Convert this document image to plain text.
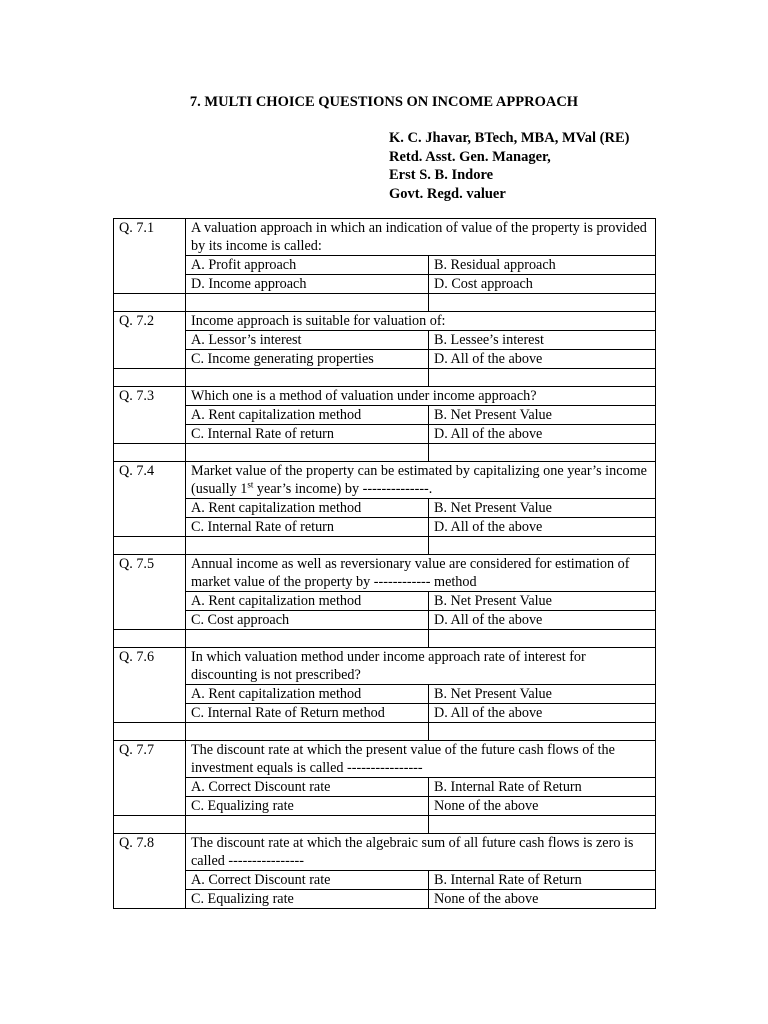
7. MULTI CHOICE QUESTIONS ON INCOME APPROACH
K. C. Jhavar, BTech, MBA, MVal (RE)
Retd. Asst. Gen. Manager,
Erst S. B. Indore
Govt. Regd. valuer
Q. 7.1	A valuation approach in which an indication of value of the property is provided by its income is called:	
	A. Profit approach	B. Residual approach
	D. Income approach	D. Cost approach

Q. 7.2	Income approach is suitable for valuation of:	
	A. Lessor’s interest	B. Lessee’s interest
	C. Income generating properties	D. All of the above

Q. 7.3	Which one is a method of valuation under income approach?	
	A. Rent capitalization method	B. Net Present Value
	C. Internal Rate of return	D. All of the above

Q. 7.4	Market value of the property can be estimated by capitalizing one year’s income (usually 1st year’s income) by --------------.	
	A. Rent capitalization method	B. Net Present Value
	C. Internal Rate of return	D. All of the above

Q. 7.5	Annual income as well as reversionary value are considered for estimation of market value of the property by ------------ method	
	A. Rent capitalization method	B. Net Present Value
	C. Cost approach	D. All of the above

Q. 7.6	In which valuation method under income approach rate of interest for discounting is not prescribed?	
	A. Rent capitalization method	B. Net Present Value
	C. Internal Rate of Return method	D. All of the above

Q. 7.7	The discount rate at which the present value of the future cash flows of the investment equals is called ----------------	
	A. Correct Discount rate	B. Internal Rate of Return
	C. Equalizing rate	None of the above

Q. 7.8	The discount rate at which the algebraic sum of all future cash flows is zero is called ----------------	
	A. Correct Discount rate	B. Internal Rate of Return
	C. Equalizing rate	None of the above
